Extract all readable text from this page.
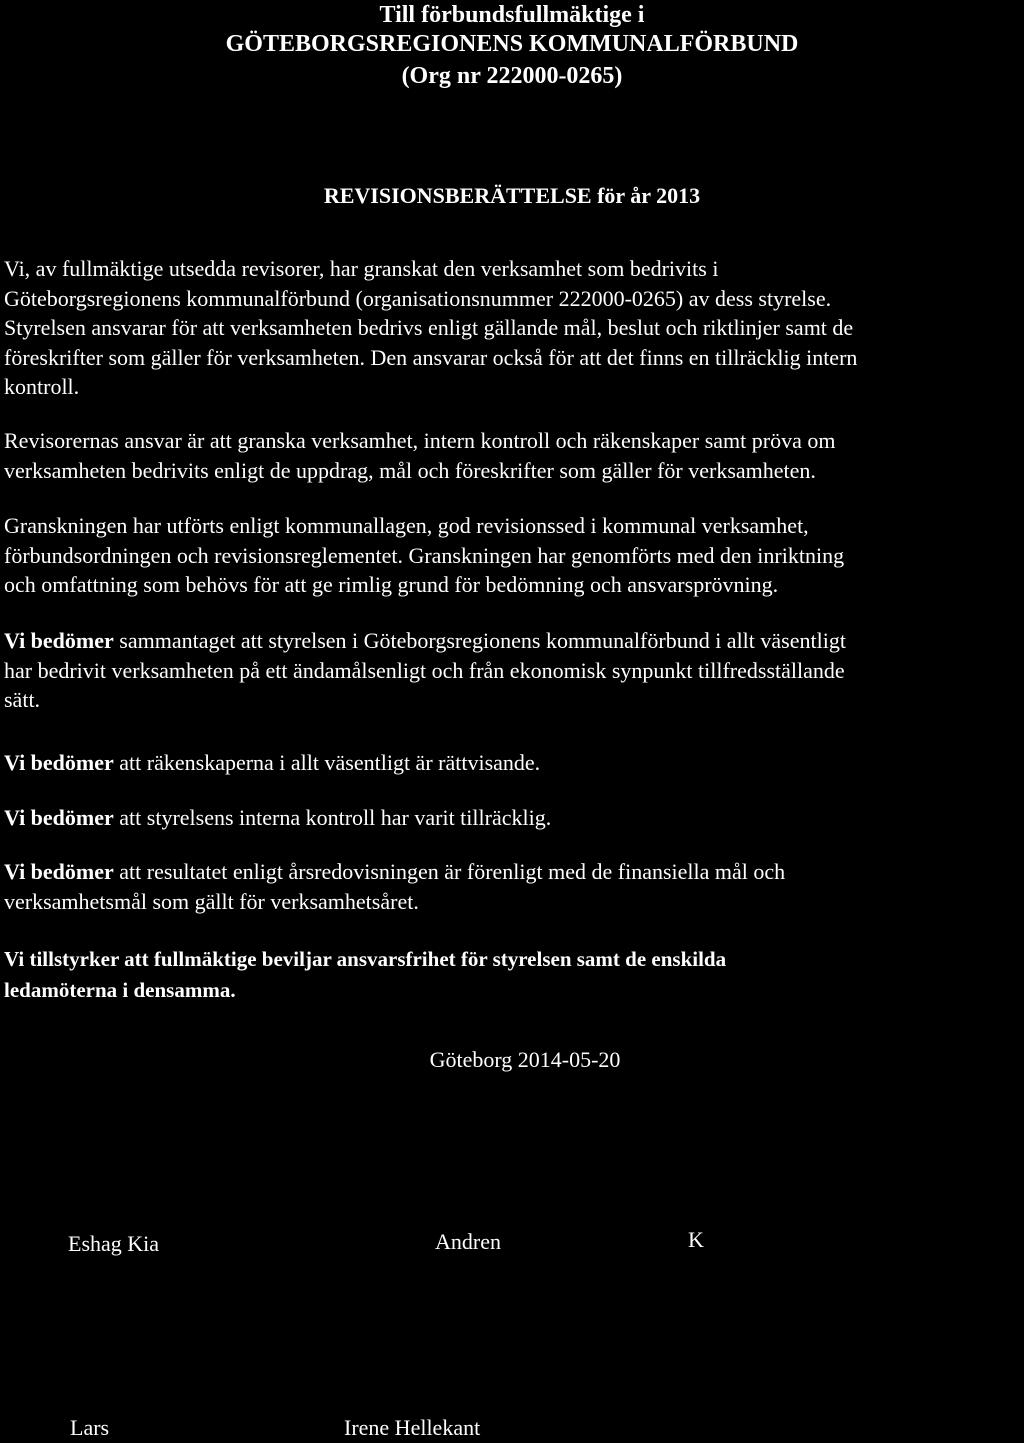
Till förbundsfullmäktige i
GÖTEBORGSREGIONENS KOMMUNALFÖRBUND
(Org nr 222000-0265)
REVISIONSBERÄTTELSE för år 2013

Vi, av fullmäktige utsedda revisorer, har granskat den verksamhet som bedrivits i
Göteborgsregionens kommunalförbund (organisationsnummer 222000-0265) av dess styrelse.
Styrelsen ansvarar för att verksamheten bedrivs enligt gällande mål, beslut och riktlinjer samt de
föreskrifter som gäller för verksamheten. Den ansvarar också för att det finns en tillräcklig intern
kontroll.

Revisorernas ansvar är att granska verksamhet, intern kontroll och räkenskaper samt pröva om
verksamheten bedrivits enligt de uppdrag, mål och föreskrifter som gäller för verksamheten.

Granskningen har utförts enligt kommunallagen, god revisionssed i kommunal verksamhet,
förbundsordningen och revisionsreglementet. Granskningen har genomförts med den inriktning
och omfattning som behövs för att ge rimlig grund för bedömning och ansvarsprövning.

Vi bedömer sammantaget att styrelsen i Göteborgsregionens kommunalförbund i allt väsentligt
har bedrivit verksamheten på ett ändamålsenligt och från ekonomisk synpunkt tillfredsställande
sätt.

Vi bedömer att räkenskaperna i allt väsentligt är rättvisande.

Vi bedömer att styrelsens interna kontroll har varit tillräcklig.

Vi bedömer att resultatet enligt årsredovisningen är förenligt med de finansiella mål och
verksamhetsmål som gällt för verksamhetsåret.

Vi tillstyrker att fullmäktige beviljar ansvarsfrihet för styrelsen samt de enskilda
ledamöterna i densamma.

Göteborg 2014-05-20
Eshag Kia	Andren	K
Lars	Irene Hellekant
